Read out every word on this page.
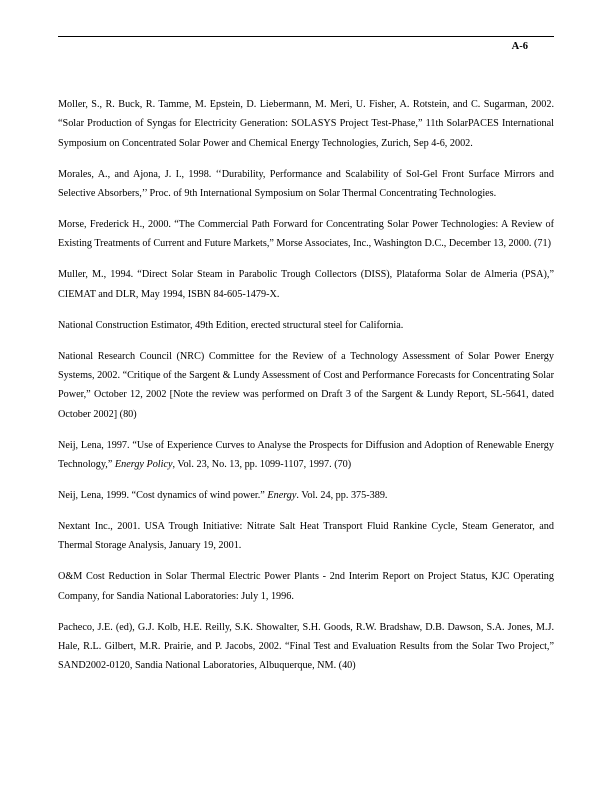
A-6

Moller, S., R. Buck, R. Tamme, M. Epstein, D. Liebermann, M. Meri, U. Fisher, A. Rotstein, and C. Sugarman, 2002. “Solar Production of Syngas for Electricity Generation: SOLASYS Project Test-Phase,” 11th SolarPACES International Symposium on Concentrated Solar Power and Chemical Energy Technologies, Zurich, Sep 4-6, 2002.

Morales, A., and Ajona, J. I., 1998. ‘‘Durability, Performance and Scalability of Sol-Gel Front Surface Mirrors and Selective Absorbers,’’ Proc. of 9th International Symposium on Solar Thermal Concentrating Technologies.

Morse, Frederick H., 2000. “The Commercial Path Forward for Concentrating Solar Power Technologies: A Review of Existing Treatments of Current and Future Markets,” Morse Associates, Inc., Washington D.C., December 13, 2000. (71)

Muller, M., 1994. “Direct Solar Steam in Parabolic Trough Collectors (DISS), Plataforma Solar de Almeria (PSA),” CIEMAT and DLR, May 1994, ISBN 84-605-1479-X.

National Construction Estimator, 49th Edition, erected structural steel for California.

National Research Council (NRC) Committee for the Review of a Technology Assessment of Solar Power Energy Systems, 2002. “Critique of the Sargent & Lundy Assessment of Cost and Performance Forecasts for Concentrating Solar Power,” October 12, 2002 [Note the review was performed on Draft 3 of the Sargent & Lundy Report, SL-5641, dated October 2002] (80)

Neij, Lena, 1997. “Use of Experience Curves to Analyse the Prospects for Diffusion and Adoption of Renewable Energy Technology,” Energy Policy, Vol. 23, No. 13, pp. 1099-1107, 1997. (70)

Neij, Lena, 1999. “Cost dynamics of wind power.” Energy. Vol. 24, pp. 375-389.

Nextant Inc., 2001. USA Trough Initiative: Nitrate Salt Heat Transport Fluid Rankine Cycle, Steam Generator, and Thermal Storage Analysis, January 19, 2001.

O&M Cost Reduction in Solar Thermal Electric Power Plants - 2nd Interim Report on Project Status, KJC Operating Company, for Sandia National Laboratories: July 1, 1996.

Pacheco, J.E. (ed), G.J. Kolb, H.E. Reilly, S.K. Showalter, S.H. Goods, R.W. Bradshaw, D.B. Dawson, S.A. Jones, M.J. Hale, R.L. Gilbert, M.R. Prairie, and P. Jacobs, 2002. “Final Test and Evaluation Results from the Solar Two Project,” SAND2002-0120, Sandia National Laboratories, Albuquerque, NM. (40)
